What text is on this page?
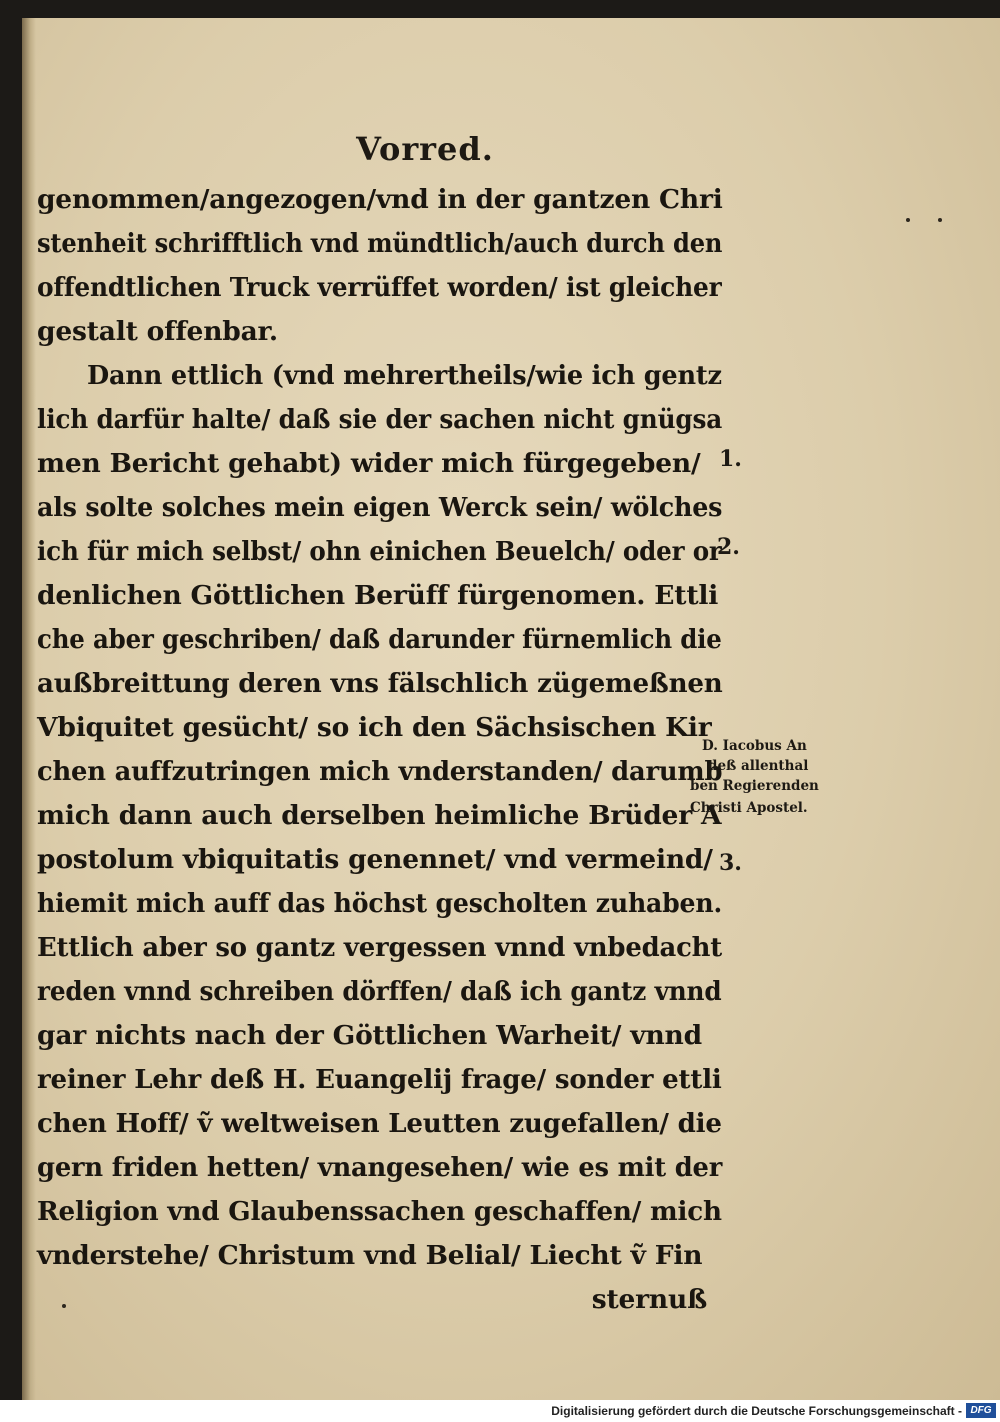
Vorred.
genommen/angezogen/vnd in der gantzen Chri
stenheit schrifftlich vnd mündtlich/auch durch den
offendtlichen Truck verrüffet worden/ ist gleicher
gestalt offenbar.
Dann ettlich (vnd mehrertheils/wie ich gentz
lich darfür halte/ daß sie der sachen nicht gnügsa
men Bericht gehabt) wider mich fürgegeben/
als solte solches mein eigen Werck sein/ wölches
ich für mich selbst/ ohn einichen Beuelch/ oder or
denlichen Göttlichen Berüff fürgenomen. Ettli
che aber geschriben/ daß darunder fürnemlich die
außbreittung deren vns fälschlich zügemeßnen
Vbiquitet gesücht/ so ich den Sächsischen Kir
chen auffzutringen mich vnderstanden/ darumb
mich dann auch derselben heimliche Brüder A
postolum vbiquitatis genennet/ vnd vermeind/
hiemit mich auff das höchst gescholten zuhaben.
Ettlich aber so gantz vergessen vnnd vnbedacht
reden vnnd schreiben dörffen/ daß ich gantz vnnd
gar nichts nach der Göttlichen Warheit/ vnnd
reiner Lehr deß H. Euangelij frage/ sonder ettli
chen Hoff/ ṽ weltweisen Leutten zugefallen/ die
gern friden hetten/ vnangesehen/ wie es mit der
Religion vnd Glaubenssachen geschaffen/ mich
vnderstehe/ Christum vnd Belial/ Liecht ṽ Fin
sternuß
1.
2.
3.
D. Iacobus An
deß allenthal
ben Regierenden
Christi Apostel.
Digitalisierung gefördert durch die Deutsche Forschungsgemeinschaft - DFG
